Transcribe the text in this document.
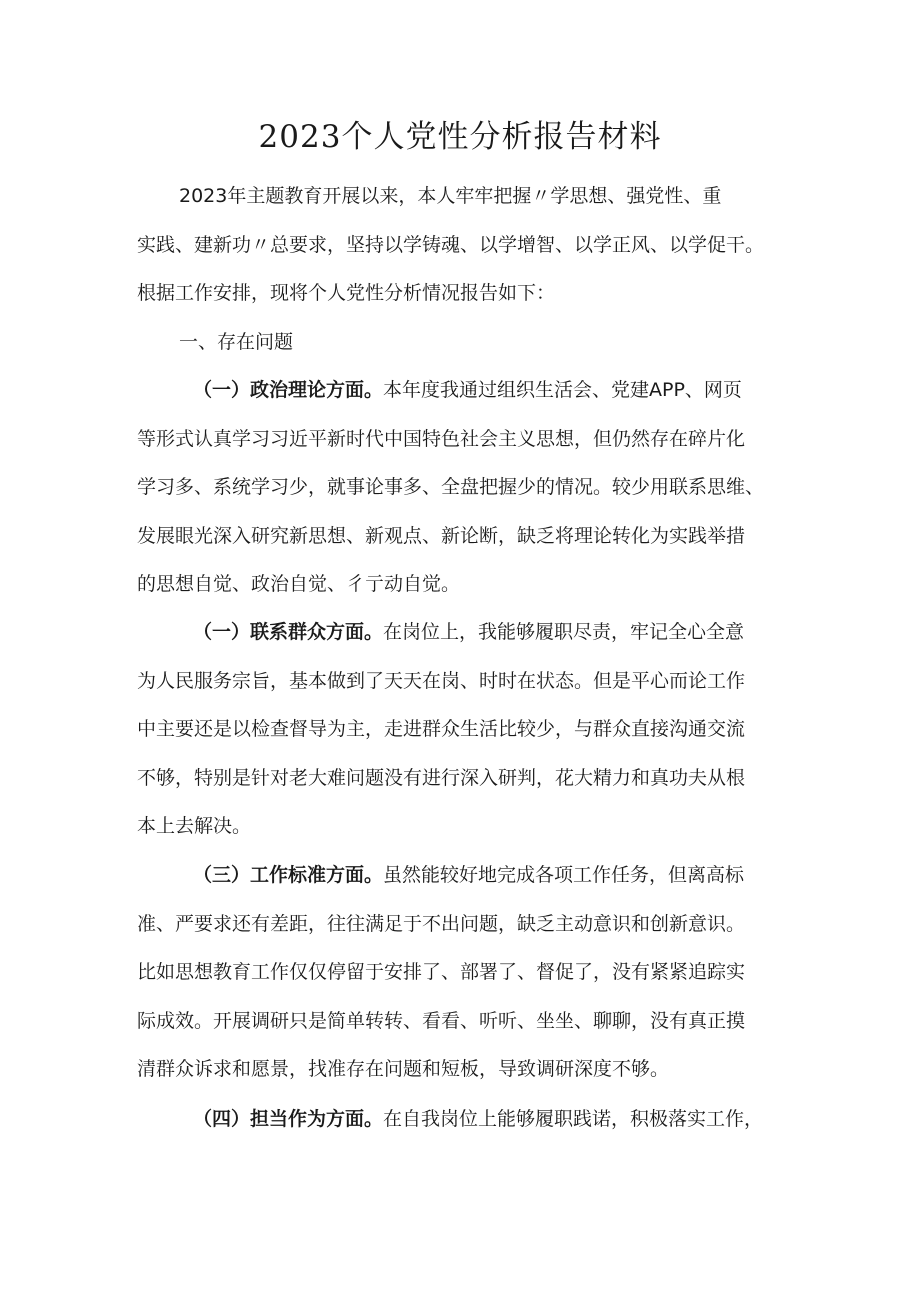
2023个人党性分析报告材料
2023年主题教育开展以来，本人牢牢把握〃学思想、强党性、重
实践、建新功〃总要求，坚持以学铸魂、以学增智、以学正风、以学促干。
根据工作安排，现将个人党性分析情况报告如下：
一、存在问题
（一）政治理论方面。本年度我通过组织生活会、党建APP、网页
等形式认真学习习近平新时代中国特色社会主义思想，但仍然存在碎片化
学习多、系统学习少，就事论事多、全盘把握少的情况。较少用联系思维、
发展眼光深入研究新思想、新观点、新论断，缺乏将理论转化为实践举措
的思想自觉、政治自觉、彳亍动自觉。
（一）联系群众方面。在岗位上，我能够履职尽责，牢记全心全意
为人民服务宗旨，基本做到了天天在岗、时时在状态。但是平心而论工作
中主要还是以检查督导为主，走进群众生活比较少，与群众直接沟通交流
不够，特别是针对老大难问题没有进行深入研判，花大精力和真功夫从根
本上去解决。
（三）工作标准方面。虽然能较好地完成各项工作任务，但离高标
准、严要求还有差距，往往满足于不出问题，缺乏主动意识和创新意识。
比如思想教育工作仅仅停留于安排了、部署了、督促了，没有紧紧追踪实
际成效。开展调研只是简单转转、看看、听听、坐坐、聊聊，没有真正摸
清群众诉求和愿景，找准存在问题和短板，导致调研深度不够。
（四）担当作为方面。在自我岗位上能够履职践诺，积极落实工作，
